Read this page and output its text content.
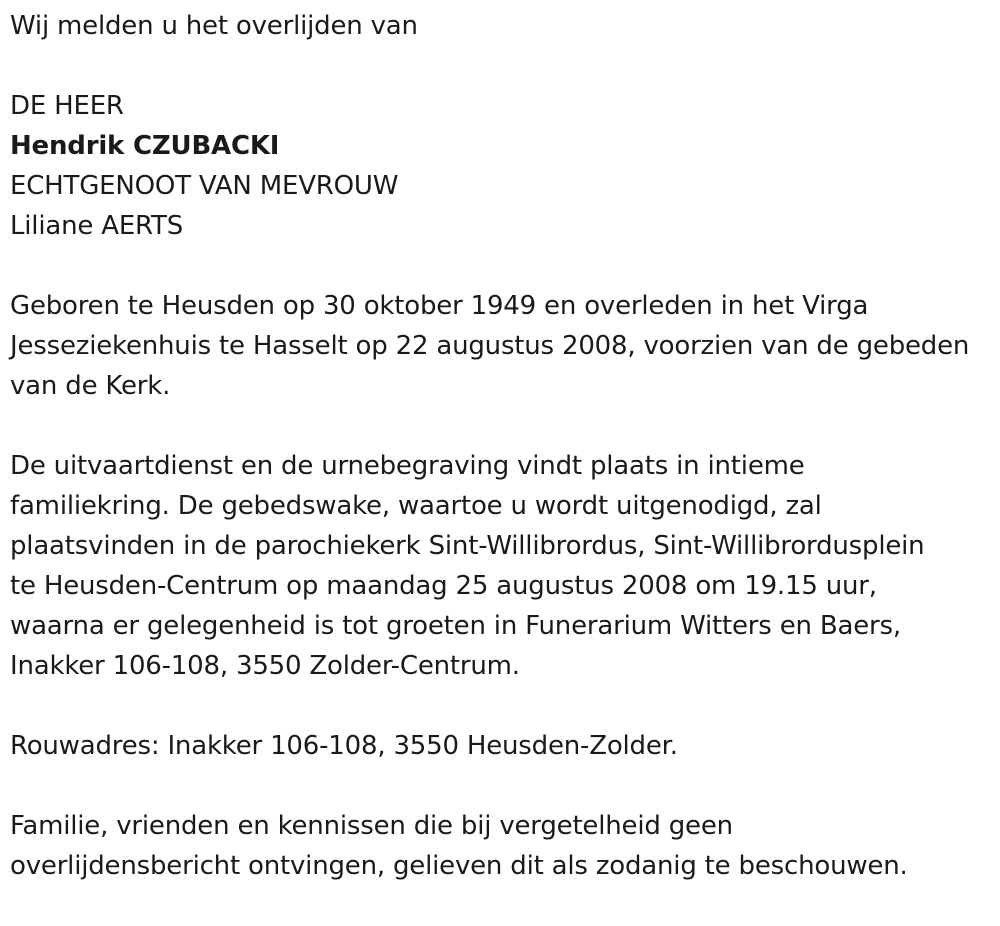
Wij melden u het overlijden van

DE HEER

Hendrik CZUBACKI

ECHTGENOOT VAN MEVROUW

Liliane AERTS

Geboren te Heusden op 30 oktober 1949 en overleden in het Virga

Jesseziekenhuis te Hasselt op 22 augustus 2008, voorzien van de gebeden

van de Kerk.

De uitvaartdienst en de urnebegraving vindt plaats in intieme

familiekring. De gebedswake, waartoe u wordt uitgenodigd, zal

plaatsvinden in de parochiekerk Sint-Willibrordus, Sint-Willibrordusplein

te Heusden-Centrum op maandag 25 augustus 2008 om 19.15 uur,

waarna er gelegenheid is tot groeten in Funerarium Witters en Baers,

Inakker 106-108, 3550 Zolder-Centrum.

Rouwadres: Inakker 106-108, 3550 Heusden-Zolder.

Familie, vrienden en kennissen die bij vergetelheid geen

overlijdensbericht ontvingen, gelieven dit als zodanig te beschouwen.
